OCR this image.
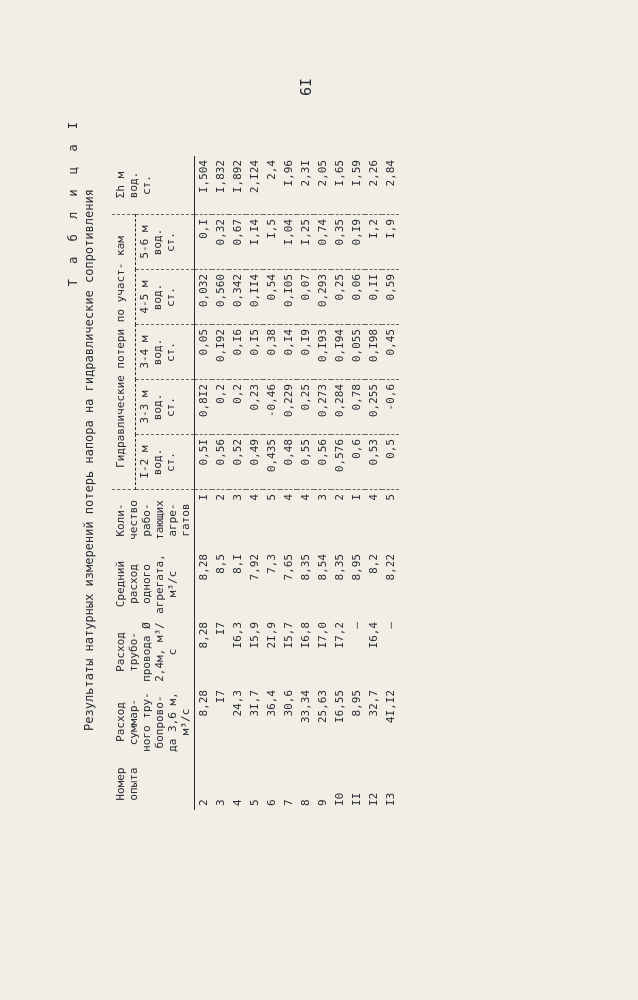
I9
Т а б л и ц а I Результаты натурных измерений потерь напора на гидравлические сопротивления
Номер опыта	Расход суммар- ного тру- бопрово- да 3,6 м, м³/с	Расход трубо- провода Ø 2,4м, м³/с	Средний расход одного агрегата, м³/с	Коли- чество рабо- тающих агре- гатов	Гидравлические потери по участ- кам					Σh м вод. ст.
					I-2 м вод. ст.	3-3 м вод. ст.	3-4 м вод. ст.	4-5 м вод. ст.	5-6 м вод. ст.	
2	8,28	8,28	8,28	I	0,5I	0,8I2	0,05	0,032	0,I	I,504
3	I7	I7	8,5	2	0,56	0,2	0,I92	0,560	0,32	I,832
4	24,3	I6,3	8,I	3	0,52	0,2	0,I6	0,342	0,67	I,892
5	3I,7	I5,9	7,92	4	0,49	0,23	0,I5	0,II4	I,I4	2,I24
6	36,4	2I,9	7,3	5	0,435	-0,46	0,38	0,54	I,5	2,4
7	30,6	I5,7	7,65	4	0,48	0,229	0,I4	0,I05	I,04	I,96
8	33,34	I6,8	8,35	4	0,55	0,25	0,I9	0,07	I,25	2,3I
9	25,63	I7,0	8,54	3	0,56	0,273	0,I93	0,293	0,74	2,05
I0	I6,55	I7,2	8,35	2	0,576	0,284	0,I94	0,25	0,35	I,65
II	8,95	–	8,95	I	0,6	0,78	0,055	0,06	0,I9	I,59
I2	32,7	I6,4	8,2	4	0,53	0,255	0,I98	0,II	I,2	2,26
I3	4I,I2	–	8,22	5	0,5	-0,6	0,45	0,59	I,9	2,84
